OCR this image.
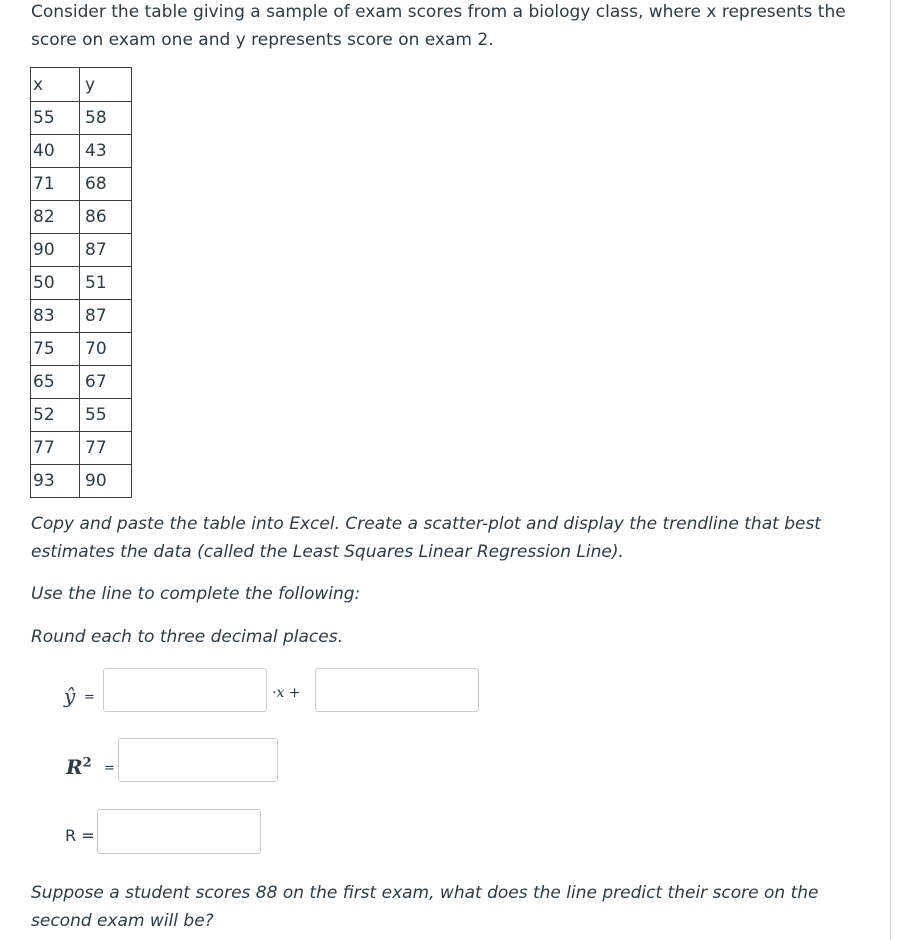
Consider the table giving a sample of exam scores from a biology class, where x represents the score on exam one and y represents score on exam 2.

x	y
55	58
40	43
71	68
82	86
90	87
50	51
83	87
75	70
65	67
52	55
77	77
93	90

Copy and paste the table into Excel. Create a scatter-plot and display the trendline that best estimates the data (called the Least Squares Linear Regression Line).

Use the line to complete the following:

Round each to three decimal places.

ŷ =	·x +
$R^2$ =
R =

Suppose a student scores 88 on the first exam, what does the line predict their score on the second exam will be?
